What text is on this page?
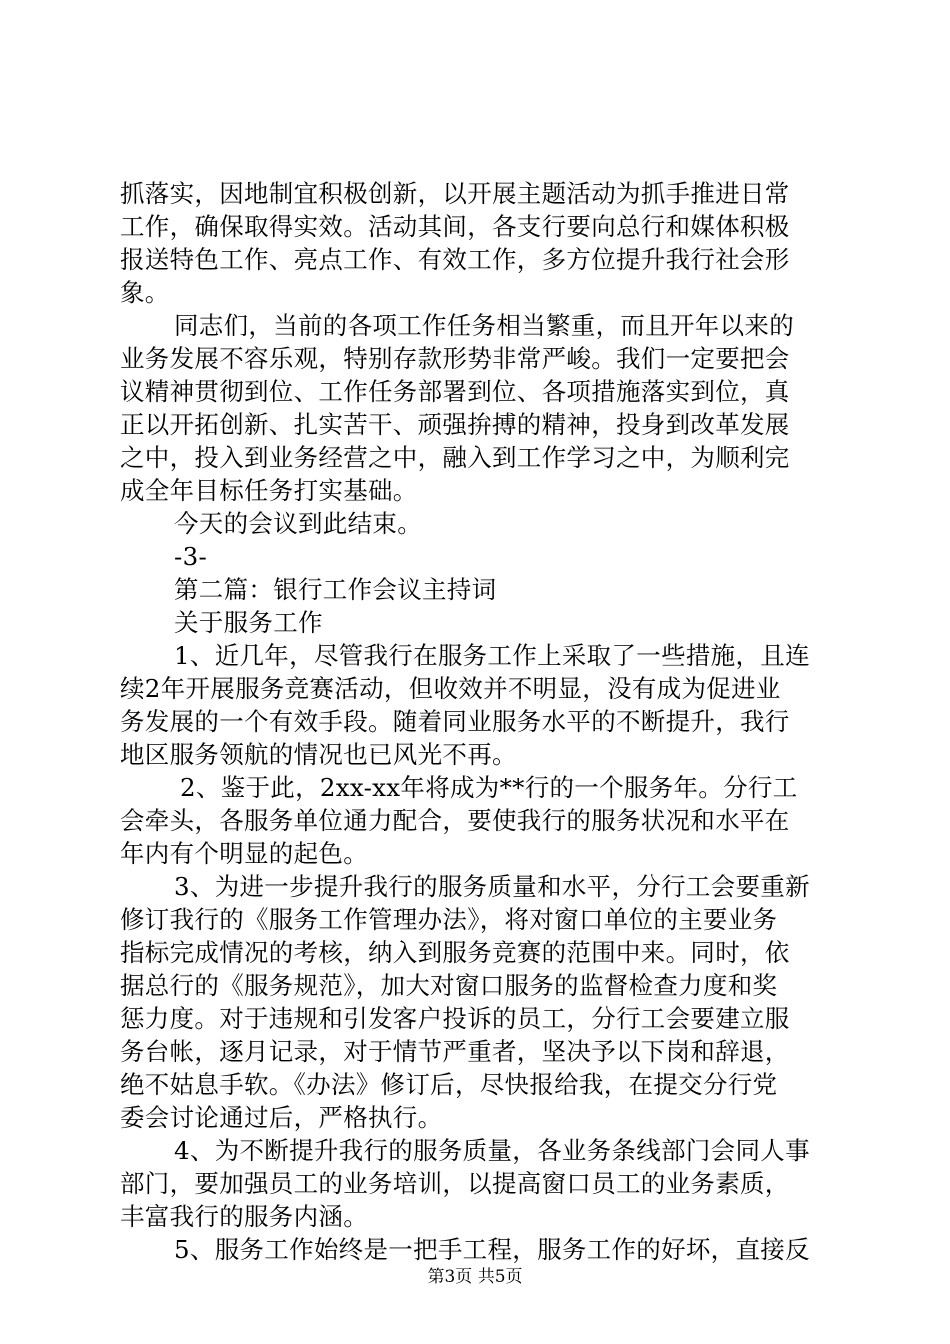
抓落实，因地制宜积极创新，以开展主题活动为抓手推进日常
工作，确保取得实效。活动其间，各支行要向总行和媒体积极
报送特色工作、亮点工作、有效工作，多方位提升我行社会形
象。
同志们，当前的各项工作任务相当繁重，而且开年以来的
业务发展不容乐观，特别存款形势非常严峻。我们一定要把会
议精神贯彻到位、工作任务部署到位、各项措施落实到位，真
正以开拓创新、扎实苦干、顽强拚搏的精神，投身到改革发展
之中，投入到业务经营之中，融入到工作学习之中，为顺利完
成全年目标任务打实基础。
今天的会议到此结束。
-3-
第二篇：银行工作会议主持词
关于服务工作
1、近几年，尽管我行在服务工作上采取了一些措施，且连
续2年开展服务竞赛活动，但收效并不明显，没有成为促进业
务发展的一个有效手段。随着同业服务水平的不断提升，我行
地区服务领航的情况也已风光不再。
2、鉴于此，2xx-xx年将成为**行的一个服务年。分行工
会牵头，各服务单位通力配合，要使我行的服务状况和水平在
年内有个明显的起色。
3、为进一步提升我行的服务质量和水平，分行工会要重新
修订我行的《服务工作管理办法》，将对窗口单位的主要业务
指标完成情况的考核，纳入到服务竞赛的范围中来。同时，依
据总行的《服务规范》，加大对窗口服务的监督检查力度和奖
惩力度。对于违规和引发客户投诉的员工，分行工会要建立服
务台帐，逐月记录，对于情节严重者，坚决予以下岗和辞退，
绝不姑息手软。《办法》修订后，尽快报给我，在提交分行党
委会讨论通过后，严格执行。
4、为不断提升我行的服务质量，各业务条线部门会同人事
部门，要加强员工的业务培训，以提高窗口员工的业务素质，
丰富我行的服务内涵。
5、服务工作始终是一把手工程，服务工作的好坏，直接反
第3页 共5页
